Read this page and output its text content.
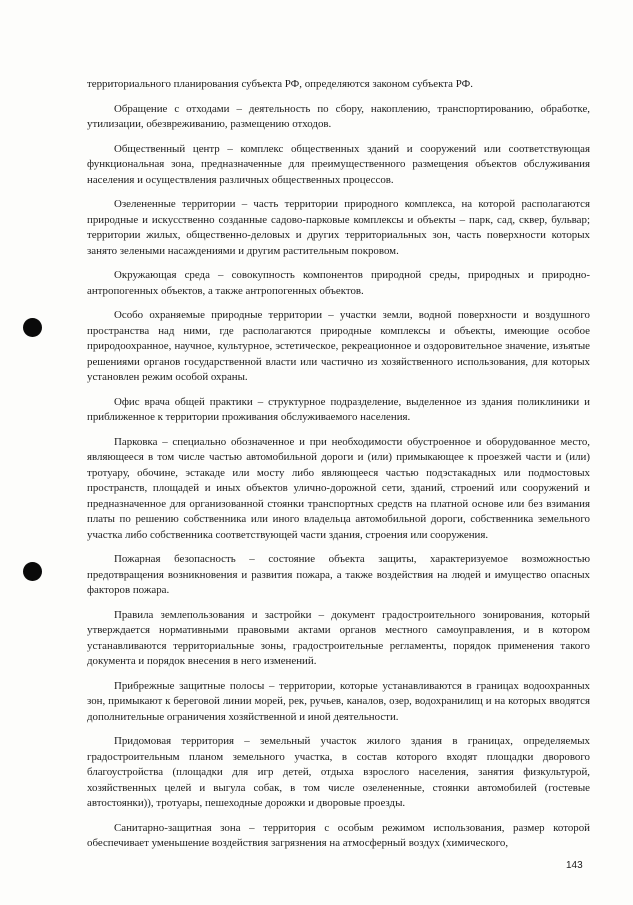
территориального планирования субъекта РФ, определяются законом субъекта РФ.

Обращение с отходами – деятельность по сбору, накоплению, транспортированию, обработке, утилизации, обезвреживанию, размещению отходов.

Общественный центр – комплекс общественных зданий и сооружений или соответствующая функциональная зона, предназначенные для преимущественного размещения объектов обслуживания населения и осуществления различных общественных процессов.

Озелененные территории – часть территории природного комплекса, на которой располагаются природные и искусственно созданные садово-парковые комплексы и объекты – парк, сад, сквер, бульвар; территории жилых, общественно-деловых и других территориальных зон, часть поверхности которых занято зелеными насаждениями и другим растительным покровом.

Окружающая среда – совокупность компонентов природной среды, природных и природно-антропогенных объектов, а также антропогенных объектов.

Особо охраняемые природные территории – участки земли, водной поверхности и воздушного пространства над ними, где располагаются природные комплексы и объекты, имеющие особое природоохранное, научное, культурное, эстетическое, рекреационное и оздоровительное значение, изъятые решениями органов государственной власти или частично из хозяйственного использования, для которых установлен режим особой охраны.

Офис врача общей практики – структурное подразделение, выделенное из здания поликлиники и приближенное к территории проживания обслуживаемого населения.

Парковка – специально обозначенное и при необходимости обустроенное и оборудованное место, являющееся в том числе частью автомобильной дороги и (или) примыкающее к проезжей части и (или) тротуару, обочине, эстакаде или мосту либо являющееся частью подэстакадных или подмостовых пространств, площадей и иных объектов улично-дорожной сети, зданий, строений или сооружений и предназначенное для организованной стоянки транспортных средств на платной основе или без взимания платы по решению собственника или иного владельца автомобильной дороги, собственника земельного участка либо собственника соответствующей части здания, строения или сооружения.

Пожарная безопасность – состояние объекта защиты, характеризуемое возможностью предотвращения возникновения и развития пожара, а также воздействия на людей и имущество опасных факторов пожара.

Правила землепользования и застройки – документ градостроительного зонирования, который утверждается нормативными правовыми актами органов местного самоуправления, и в котором устанавливаются территориальные зоны, градостроительные регламенты, порядок применения такого документа и порядок внесения в него изменений.

Прибрежные защитные полосы – территории, которые устанавливаются в границах водоохранных зон, примыкают к береговой линии морей, рек, ручьев, каналов, озер, водохранилищ и на которых вводятся дополнительные ограничения хозяйственной и иной деятельности.

Придомовая территория – земельный участок жилого здания в границах, определяемых градостроительным планом земельного участка, в состав которого входят площадки дворового благоустройства (площадки для игр детей, отдыха взрослого населения, занятия физкультурой, хозяйственных целей и выгула собак, в том числе озелененные, стоянки автомобилей (гостевые автостоянки)), тротуары, пешеходные дорожки и дворовые проезды.

Санитарно-защитная зона – территория с особым режимом использования, размер которой обеспечивает уменьшение воздействия загрязнения на атмосферный воздух (химического,

143
